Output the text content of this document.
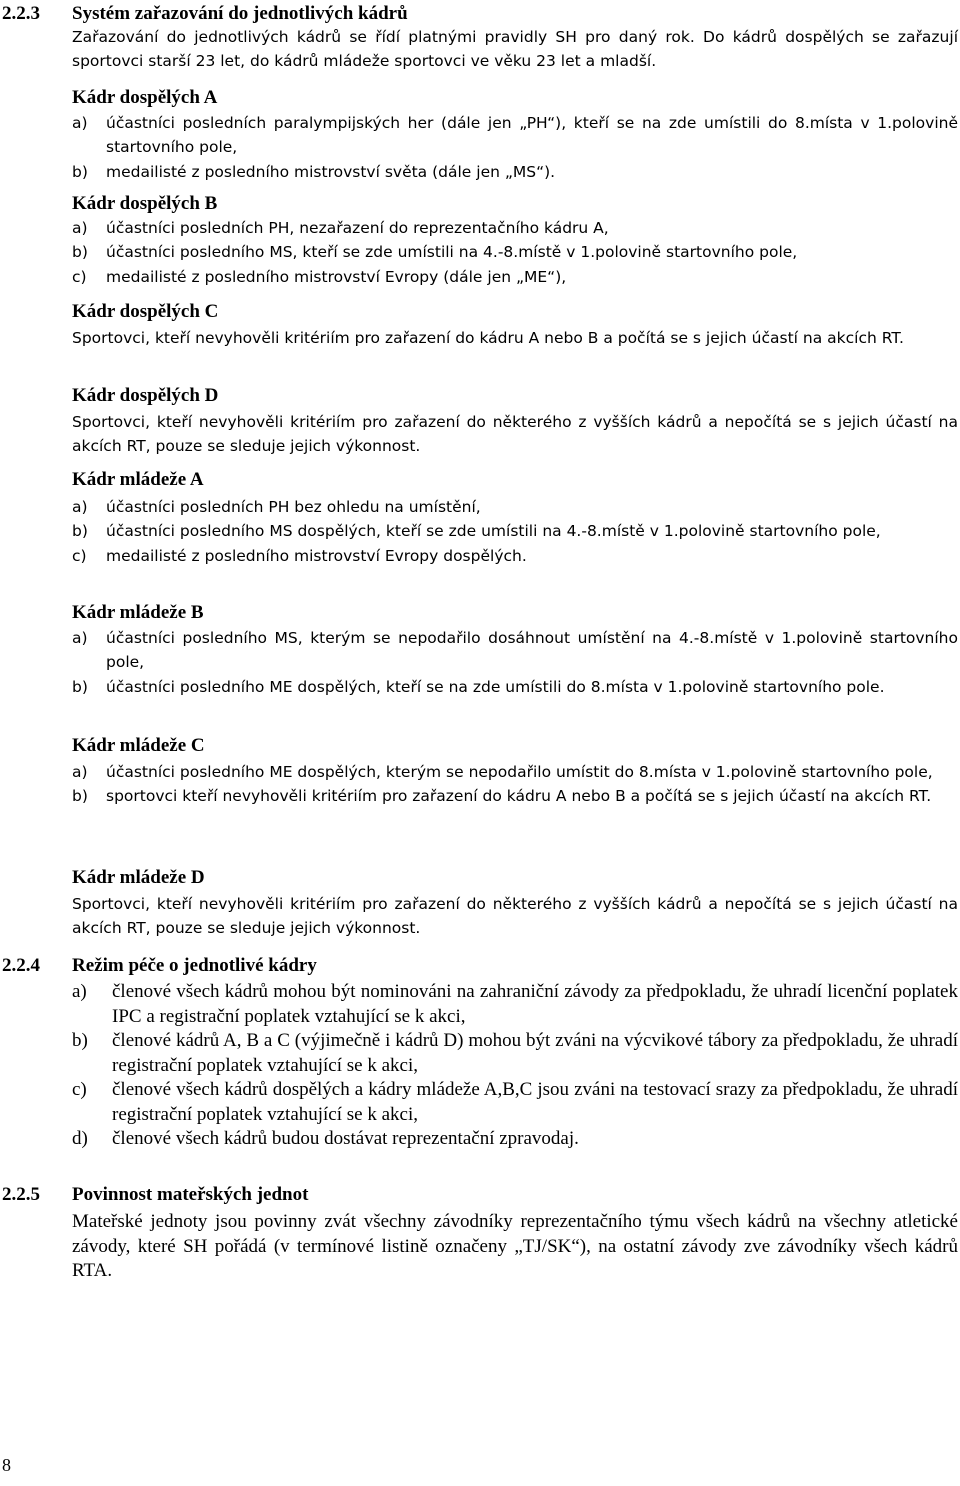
2.2.3 Systém zařazování do jednotlivých kádrů
Zařazování do jednotlivých kádrů se řídí platnými pravidly SH pro daný rok. Do kádrů dospělých se zařazují sportovci starší 23 let, do kádrů mládeže sportovci ve věku 23 let a mladší.
Kádr dospělých A
a) účastníci posledních paralympijských her (dále jen „PH“), kteří se na zde umístili do 8.místa v 1.polovině startovního pole,
b) medailisté z posledního mistrovství světa (dále jen „MS“).
Kádr dospělých B
a) účastníci posledních PH, nezařazení do reprezentačního kádru A,
b) účastníci posledního MS, kteří se zde umístili na 4.-8.místě v 1.polovině startovního pole,
c) medailisté z posledního mistrovství Evropy (dále jen „ME“),
Kádr dospělých C
Sportovci, kteří nevyhověli kritériím pro zařazení do kádru A nebo B a počítá se s jejich účastí na akcích RT.
Kádr dospělých D
Sportovci, kteří nevyhověli kritériím pro zařazení do některého z vyšších kádrů a nepočítá se s jejich účastí na akcích RT, pouze se sleduje jejich výkonnost.
Kádr mládeže A
a) účastníci posledních PH bez ohledu na umístění,
b) účastníci posledního MS dospělých, kteří se zde umístili na 4.-8.místě v 1.polovině startovního pole,
c) medailisté z posledního mistrovství Evropy dospělých.
Kádr mládeže B
a) účastníci posledního MS, kterým se nepodařilo dosáhnout umístění na 4.-8.místě v 1.polovině startovního pole,
b) účastníci posledního ME dospělých, kteří se na zde umístili do 8.místa v 1.polovině startovního pole.
Kádr mládeže C
a) účastníci posledního ME dospělých, kterým se nepodařilo umístit do 8.místa v 1.polovině startovního pole,
b) sportovci kteří nevyhověli kritériím pro zařazení do kádru A nebo B a počítá se s jejich účastí na akcích RT.
Kádr mládeže D
Sportovci, kteří nevyhověli kritériím pro zařazení do některého z vyšších kádrů a nepočítá se s jejich účastí na akcích RT, pouze se sleduje jejich výkonnost.
2.2.4 Režim péče o jednotlivé kádry
a) členové všech kádrů mohou být nominováni na zahraniční závody za předpokladu, že uhradí licenční poplatek IPC a registrační poplatek vztahující se k akci,
b) členové kádrů A, B a C (výjimečně i kádrů D) mohou být zváni na výcvikové tábory za předpokladu, že uhradí registrační poplatek vztahující se k akci,
c) členové všech kádrů dospělých a kádry mládeže A,B,C jsou zváni na testovací srazy za předpokladu, že uhradí registrační poplatek vztahující se k akci,
d) členové všech kádrů budou dostávat reprezentační zpravodaj.
2.2.5 Povinnost mateřských jednot
Mateřské jednoty jsou povinny zvát všechny závodníky reprezentačního týmu všech kádrů na všechny atletické závody, které SH pořádá (v termínové listině označeny „TJ/SK“), na ostatní závody zve závodníky všech kádrů RTA.
8
